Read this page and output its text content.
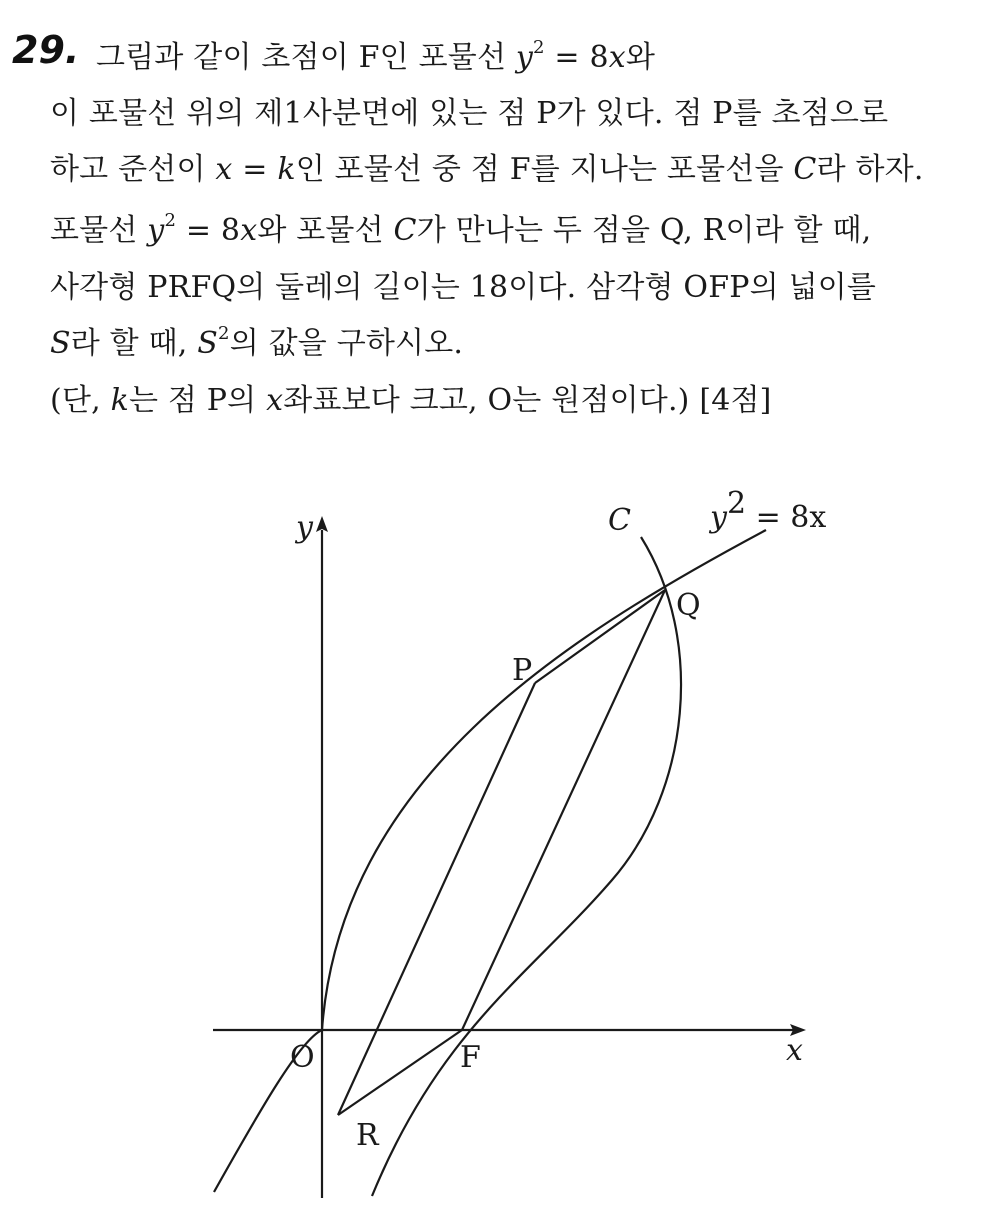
29. 그림과 같이 초점이 F인 포물선 $y^2 = 8x$와
이 포물선 위의 제1사분면에 있는 점 P가 있다. 점 P를 초점으로
하고 준선이 x = k인 포물선 중 점 F를 지나는 포물선을 C라 하자.
포물선 $y^2 = 8x$와 포물선 C가 만나는 두 점을 Q, R이라 할 때,
사각형 PRFQ의 둘레의 길이는 18이다. 삼각형 OFP의 넓이를
S라 할 때, $S^2$의 값을 구하시오.
(단, k는 점 P의 x좌표보다 크고, O는 원점이다.) [4점]
y
x
O	F
P
Q
R
C	y2 = 8x
